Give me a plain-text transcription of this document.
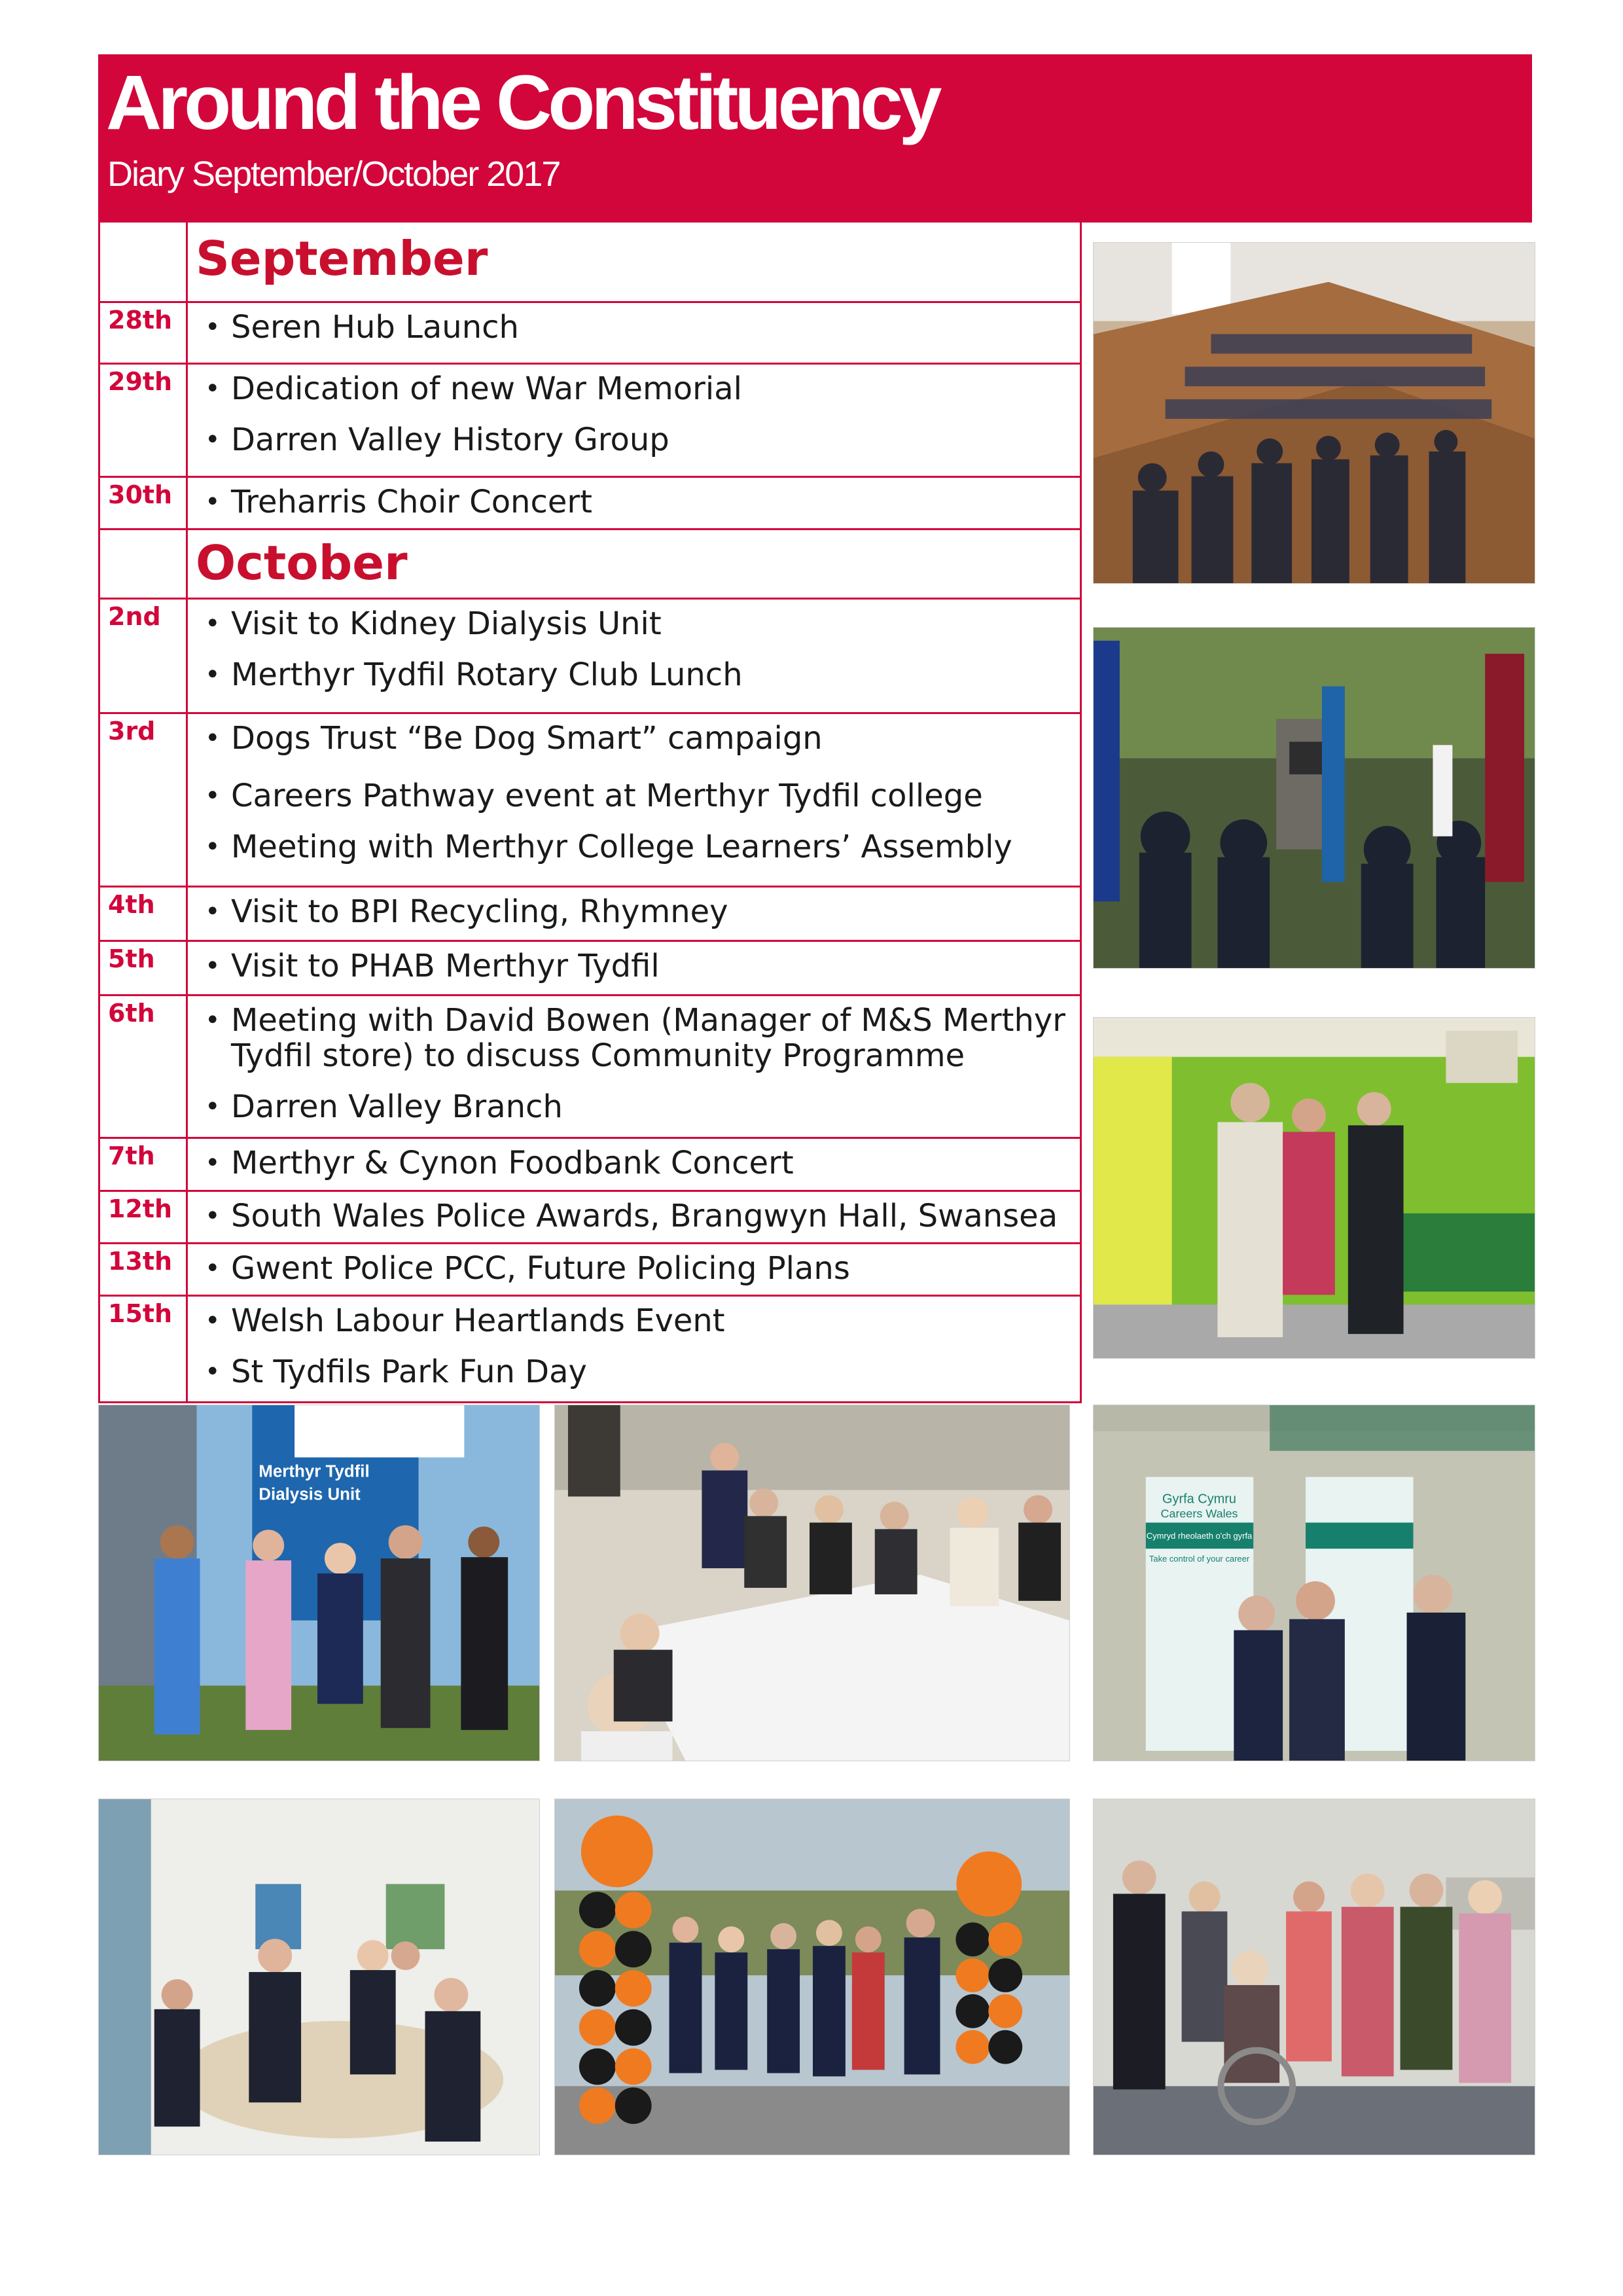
Around the Constituency
Diary September/October 2017
September
28th	• Seren Hub Launch
29th	• Dedication of new War Memorial
• Darren Valley History Group
30th	• Treharris Choir Concert
October
2nd	• Visit to Kidney Dialysis Unit
• Merthyr Tydfil Rotary Club Lunch
3rd	• Dogs Trust “Be Dog Smart” campaign
• Careers Pathway event at Merthyr Tydfil college
• Meeting with Merthyr College Learners’ Assembly
4th	• Visit to BPI Recycling, Rhymney
5th	• Visit to PHAB Merthyr Tydfil
6th	• Meeting with David Bowen (Manager of M&S Merthyr Tydfil store) to discuss Community Programme
• Darren Valley Branch
7th	• Merthyr & Cynon Foodbank Concert
12th	• South Wales Police Awards, Brangwyn Hall, Swansea
13th	• Gwent Police PCC, Future Policing Plans
15th	• Welsh Labour Heartlands Event
• St Tydfils Park Fun Day
Gyrfa Cymru
Careers Wales
Cymryd rheolaeth o'ch gyrfa
Take control of your career
Merthyr Tydfil
Dialysis Unit
